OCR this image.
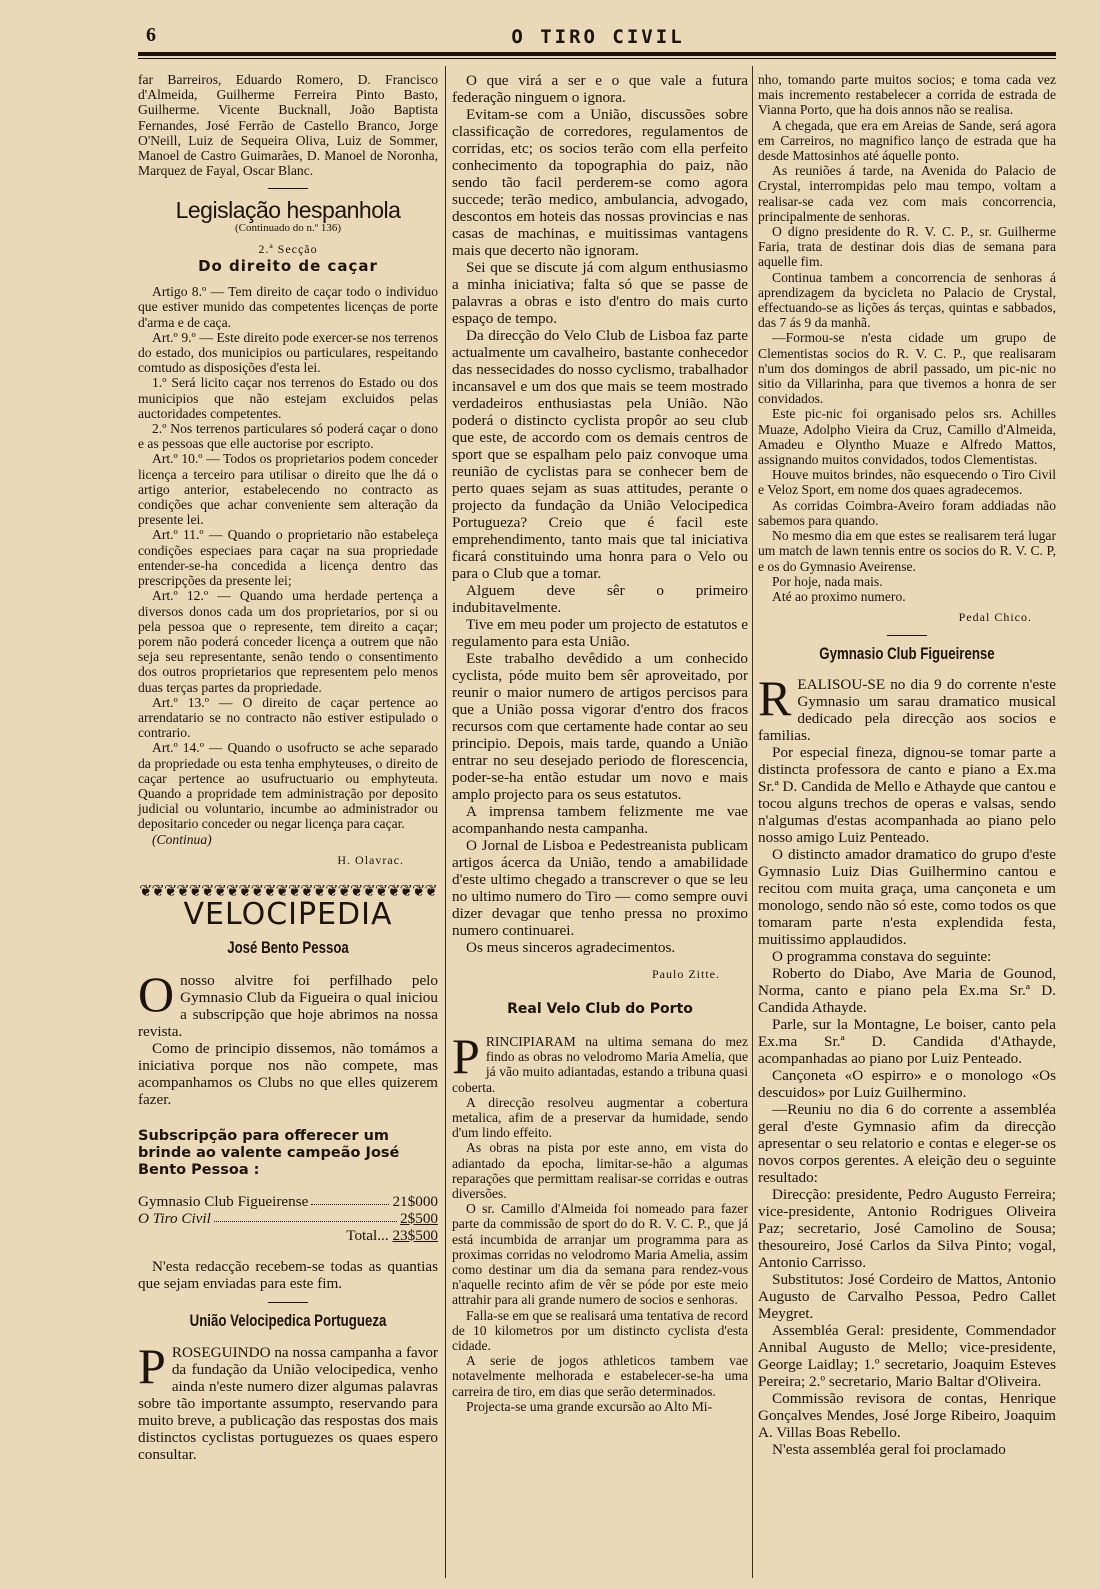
6	O TIRO CIVIL

far Barreiros, Eduardo Romero, D. Francisco d'Almeida, Guilherme Ferreira Pinto Basto, Guilherme. Vicente Bucknall, João Baptista Fernandes, José Ferrão de Castello Branco, Jorge O'Neill, Luiz de Sequeira Oliva, Luiz de Sommer, Manoel de Castro Guimarães, D. Manoel de Noronha, Marquez de Fayal, Oscar Blanc.

Legislação hespanhola
(Continuado do n.º 136)
2.ª Secção
Do direito de caçar

Artigo 8.º — Tem direito de caçar todo o individuo que estiver munido das competentes licenças de porte d'arma e de caça.

Art.º 9.º — Este direito pode exercer-se nos terrenos do estado, dos municipios ou particulares, respeitando comtudo as disposições d'esta lei.

1.º Será licito caçar nos terrenos do Estado ou dos municipios que não estejam excluidos pelas auctoridades competentes.

2.º Nos terrenos particulares só poderá caçar o dono e as pessoas que elle auctorise por escripto.

Art.º 10.º — Todos os proprietarios podem conceder licença a terceiro para utilisar o direito que lhe dá o artigo anterior, estabelecendo no contracto as condições que achar conveniente sem alteração da presente lei.

Art.º 11.º — Quando o proprietario não estabeleça condições especiaes para caçar na sua propriedade entender-se-ha concedida a licença dentro das prescripções da presente lei;

Art.º 12.º — Quando uma herdade pertença a diversos donos cada um dos proprietarios, por si ou pela pessoa que o represente, tem direito a caçar; porem não poderá conceder licença a outrem que não seja seu representante, senão tendo o consentimento dos outros proprietarios que representem pelo menos duas terças partes da propriedade.

Art.º 13.º — O direito de caçar pertence ao arrendatario se no contracto não estiver estipulado o contrario.

Art.º 14.º — Quando o usofructo se ache separado da propriedade ou esta tenha emphyteuses, o direito de caçar pertence ao usufructuario ou emphyteuta. Quando a propridade tem administração por deposito judicial ou voluntario, incumbe ao administrador ou depositario conceder ou negar licença para caçar.

(Continua)

H. Olavrac.
❦❦❦❦❦❦❦❦❦❦❦❦❦❦❦❦❦❦❦❦❦❦❦❦
VELOCIPEDIA
José Bento Pessoa
O nosso alvitre foi perfilhado pelo Gymnasio Club da Figueira o qual iniciou a subscripção que hoje abrimos na nossa revista.

Como de principio dissemos, não tomámos a iniciativa porque nos não compete, mas acompanhamos os Clubs no que elles quizerem fazer.

Subscripção para offerecer um brinde ao valente campeão José Bento Pessoa :
Gymnasio Club Figueirense	21$000
O Tiro Civil	2$500
Total... 23$500

N'esta redacção recebem-se todas as quantias que sejam enviadas para este fim.

União Velocipedica Portugueza
P ROSEGUINDO na nossa campanha a favor da fundação da União velocipedica, venho ainda n'este numero dizer algumas palavras sobre tão importante assumpto, reservando para muito breve, a publicação das respostas dos mais distinctos cyclistas portuguezes os quaes espero consultar.

O que virá a ser e o que vale a futura federação ninguem o ignora.

Evitam-se com a União, discussões sobre classificação de corredores, regulamentos de corridas, etc; os socios terão com ella perfeito conhecimento da topographia do paiz, não sendo tão facil perderem-se como agora succede; terão medico, ambulancia, advogado, descontos em hoteis das nossas provincias e nas casas de machinas, e muitissimas vantagens mais que decerto não ignoram.

Sei que se discute já com algum enthusiasmo a minha iniciativa; falta só que se passe de palavras a obras e isto d'entro do mais curto espaço de tempo.

Da direcção do Velo Club de Lisboa faz parte actualmente um cavalheiro, bastante conhecedor das nessecidades do nosso cyclismo, trabalhador incansavel e um dos que mais se teem mostrado verdadeiros enthusiastas pela União. Não poderá o distincto cyclista propôr ao seu club que este, de accordo com os demais centros de sport que se espalham pelo paiz convoque uma reunião de cyclistas para se conhecer bem de perto quaes sejam as suas attitudes, perante o projecto da fundação da União Velocipedica Portugueza? Creio que é facil este emprehendimento, tanto mais que tal iniciativa ficará constituindo uma honra para o Velo ou para o Club que a tomar.

Alguem deve sêr o primeiro indubitavelmente.

Tive em meu poder um projecto de estatutos e regulamento para esta União.

Este trabalho devêdido a um conhecido cyclista, póde muito bem sêr aproveitado, por reunir o maior numero de artigos percisos para que a União possa vigorar d'entro dos fracos recursos com que certamente hade contar ao seu principio. Depois, mais tarde, quando a União entrar no seu desejado periodo de florescencia, poder-se-ha então estudar um novo e mais amplo projecto para os seus estatutos.

A imprensa tambem felizmente me vae acompanhando nesta campanha.

O Jornal de Lisboa e Pedestreanista publicam artigos ácerca da União, tendo a amabilidade d'este ultimo chegado a transcrever o que se leu no ultimo numero do Tiro — como sempre ouvi dizer devagar que tenho pressa no proximo numero continuarei.

Os meus sinceros agradecimentos.

Paulo Zitte.
Real Velo Club do Porto
P RINCIPIARAM na ultima semana do mez findo as obras no velodromo Maria Amelia, que já vão muito adiantadas, estando a tribuna quasi coberta.

A direcção resolveu augmentar a cobertura metalica, afim de a preservar da humidade, sendo d'um lindo effeito.

As obras na pista por este anno, em vista do adiantado da epocha, limitar-se-hão a algumas reparações que permittam realisar-se corridas e outras diversões.

O sr. Camillo d'Almeida foi nomeado para fazer parte da commissão de sport do do R. V. C. P., que já está incumbida de arranjar um programma para as proximas corridas no velodromo Maria Amelia, assim como destinar um dia da semana para rendez-vous n'aquelle recinto afim de vêr se póde por este meio attrahir para ali grande numero de socios e senhoras.

Falla-se em que se realisará uma tentativa de record de 10 kilometros por um distincto cyclista d'esta cidade.

A serie de jogos athleticos tambem vae notavelmente melhorada e estabelecer-se-ha uma carreira de tiro, em dias que serão determinados.

Projecta-se uma grande excursão ao Alto Mi-

nho, tomando parte muitos socios; e toma cada vez mais incremento restabelecer a corrida de estrada de Vianna Porto, que ha dois annos não se realisa.

A chegada, que era em Areias de Sande, será agora em Carreiros, no magnifico lanço de estrada que ha desde Mattosinhos até áquelle ponto.

As reuniões á tarde, na Avenida do Palacio de Crystal, interrompidas pelo mau tempo, voltam a realisar-se cada vez com mais concorrencia, principalmente de senhoras.

O digno presidente do R. V. C. P., sr. Guilherme Faria, trata de destinar dois dias de semana para aquelle fim.

Continua tambem a concorrencia de senhoras á aprendizagem da bycicleta no Palacio de Crystal, effectuando-se as lições ás terças, quintas e sabbados, das 7 ás 9 da manhã.

—Formou-se n'esta cidade um grupo de Clementistas socios do R. V. C. P., que realisaram n'um dos domingos de abril passado, um pic-nic no sitio da Villarinha, para que tivemos a honra de ser convidados.

Este pic-nic foi organisado pelos srs. Achilles Muaze, Adolpho Vieira da Cruz, Camillo d'Almeida, Amadeu e Olyntho Muaze e Alfredo Mattos, assignando muitos convidados, todos Clementistas.

Houve muitos brindes, não esquecendo o Tiro Civil e Veloz Sport, em nome dos quaes agradecemos.

As corridas Coimbra-Aveiro foram addiadas não sabemos para quando.

No mesmo dia em que estes se realisarem terá lugar um match de lawn tennis entre os socios do R. V. C. P, e os do Gymnasio Aveirense.

Por hoje, nada mais.

Até ao proximo numero.

Pedal Chico.
Gymnasio Club Figueirense
R EALISOU-SE no dia 9 do corrente n'este Gymnasio um sarau dramatico musical dedicado pela direcção aos socios e familias.

Por especial fineza, dignou-se tomar parte a distincta professora de canto e piano a Ex.ma Sr.ª D. Candida de Mello e Athayde que cantou e tocou alguns trechos de operas e valsas, sendo n'algumas d'estas acompanhada ao piano pelo nosso amigo Luiz Penteado.

O distincto amador dramatico do grupo d'este Gymnasio Luiz Dias Guilhermino cantou e recitou com muita graça, uma cançoneta e um monologo, sendo não só este, como todos os que tomaram parte n'esta explendida festa, muitissimo applaudidos.

O programma constava do seguinte:

Roberto do Diabo, Ave Maria de Gounod, Norma, canto e piano pela Ex.ma Sr.ª D. Candida Athayde.

Parle, sur la Montagne, Le boiser, canto pela Ex.ma Sr.ª D. Candida d'Athayde, acompanhadas ao piano por Luiz Penteado.

Cançoneta «O espirro» e o monologo «Os descuidos» por Luiz Guilhermino.

—Reuniu no dia 6 do corrente a assembléa geral d'este Gymnasio afim da direcção apresentar o seu relatorio e contas e eleger-se os novos corpos gerentes. A eleição deu o seguinte resultado:

Direcção: presidente, Pedro Augusto Ferreira; vice-presidente, Antonio Rodrigues Oliveira Paz; secretario, José Camolino de Sousa; thesoureiro, José Carlos da Silva Pinto; vogal, Antonio Carrisso.

Substitutos: José Cordeiro de Mattos, Antonio Augusto de Carvalho Pessoa, Pedro Callet Meygret.

Assembléa Geral: presidente, Commendador Annibal Augusto de Mello; vice-presidente, George Laidlay; 1.º secretario, Joaquim Esteves Pereira; 2.º secretario, Mario Baltar d'Oliveira.

Commissão revisora de contas, Henrique Gonçalves Mendes, José Jorge Ribeiro, Joaquim A. Villas Boas Rebello.

N'esta assembléa geral foi proclamado
